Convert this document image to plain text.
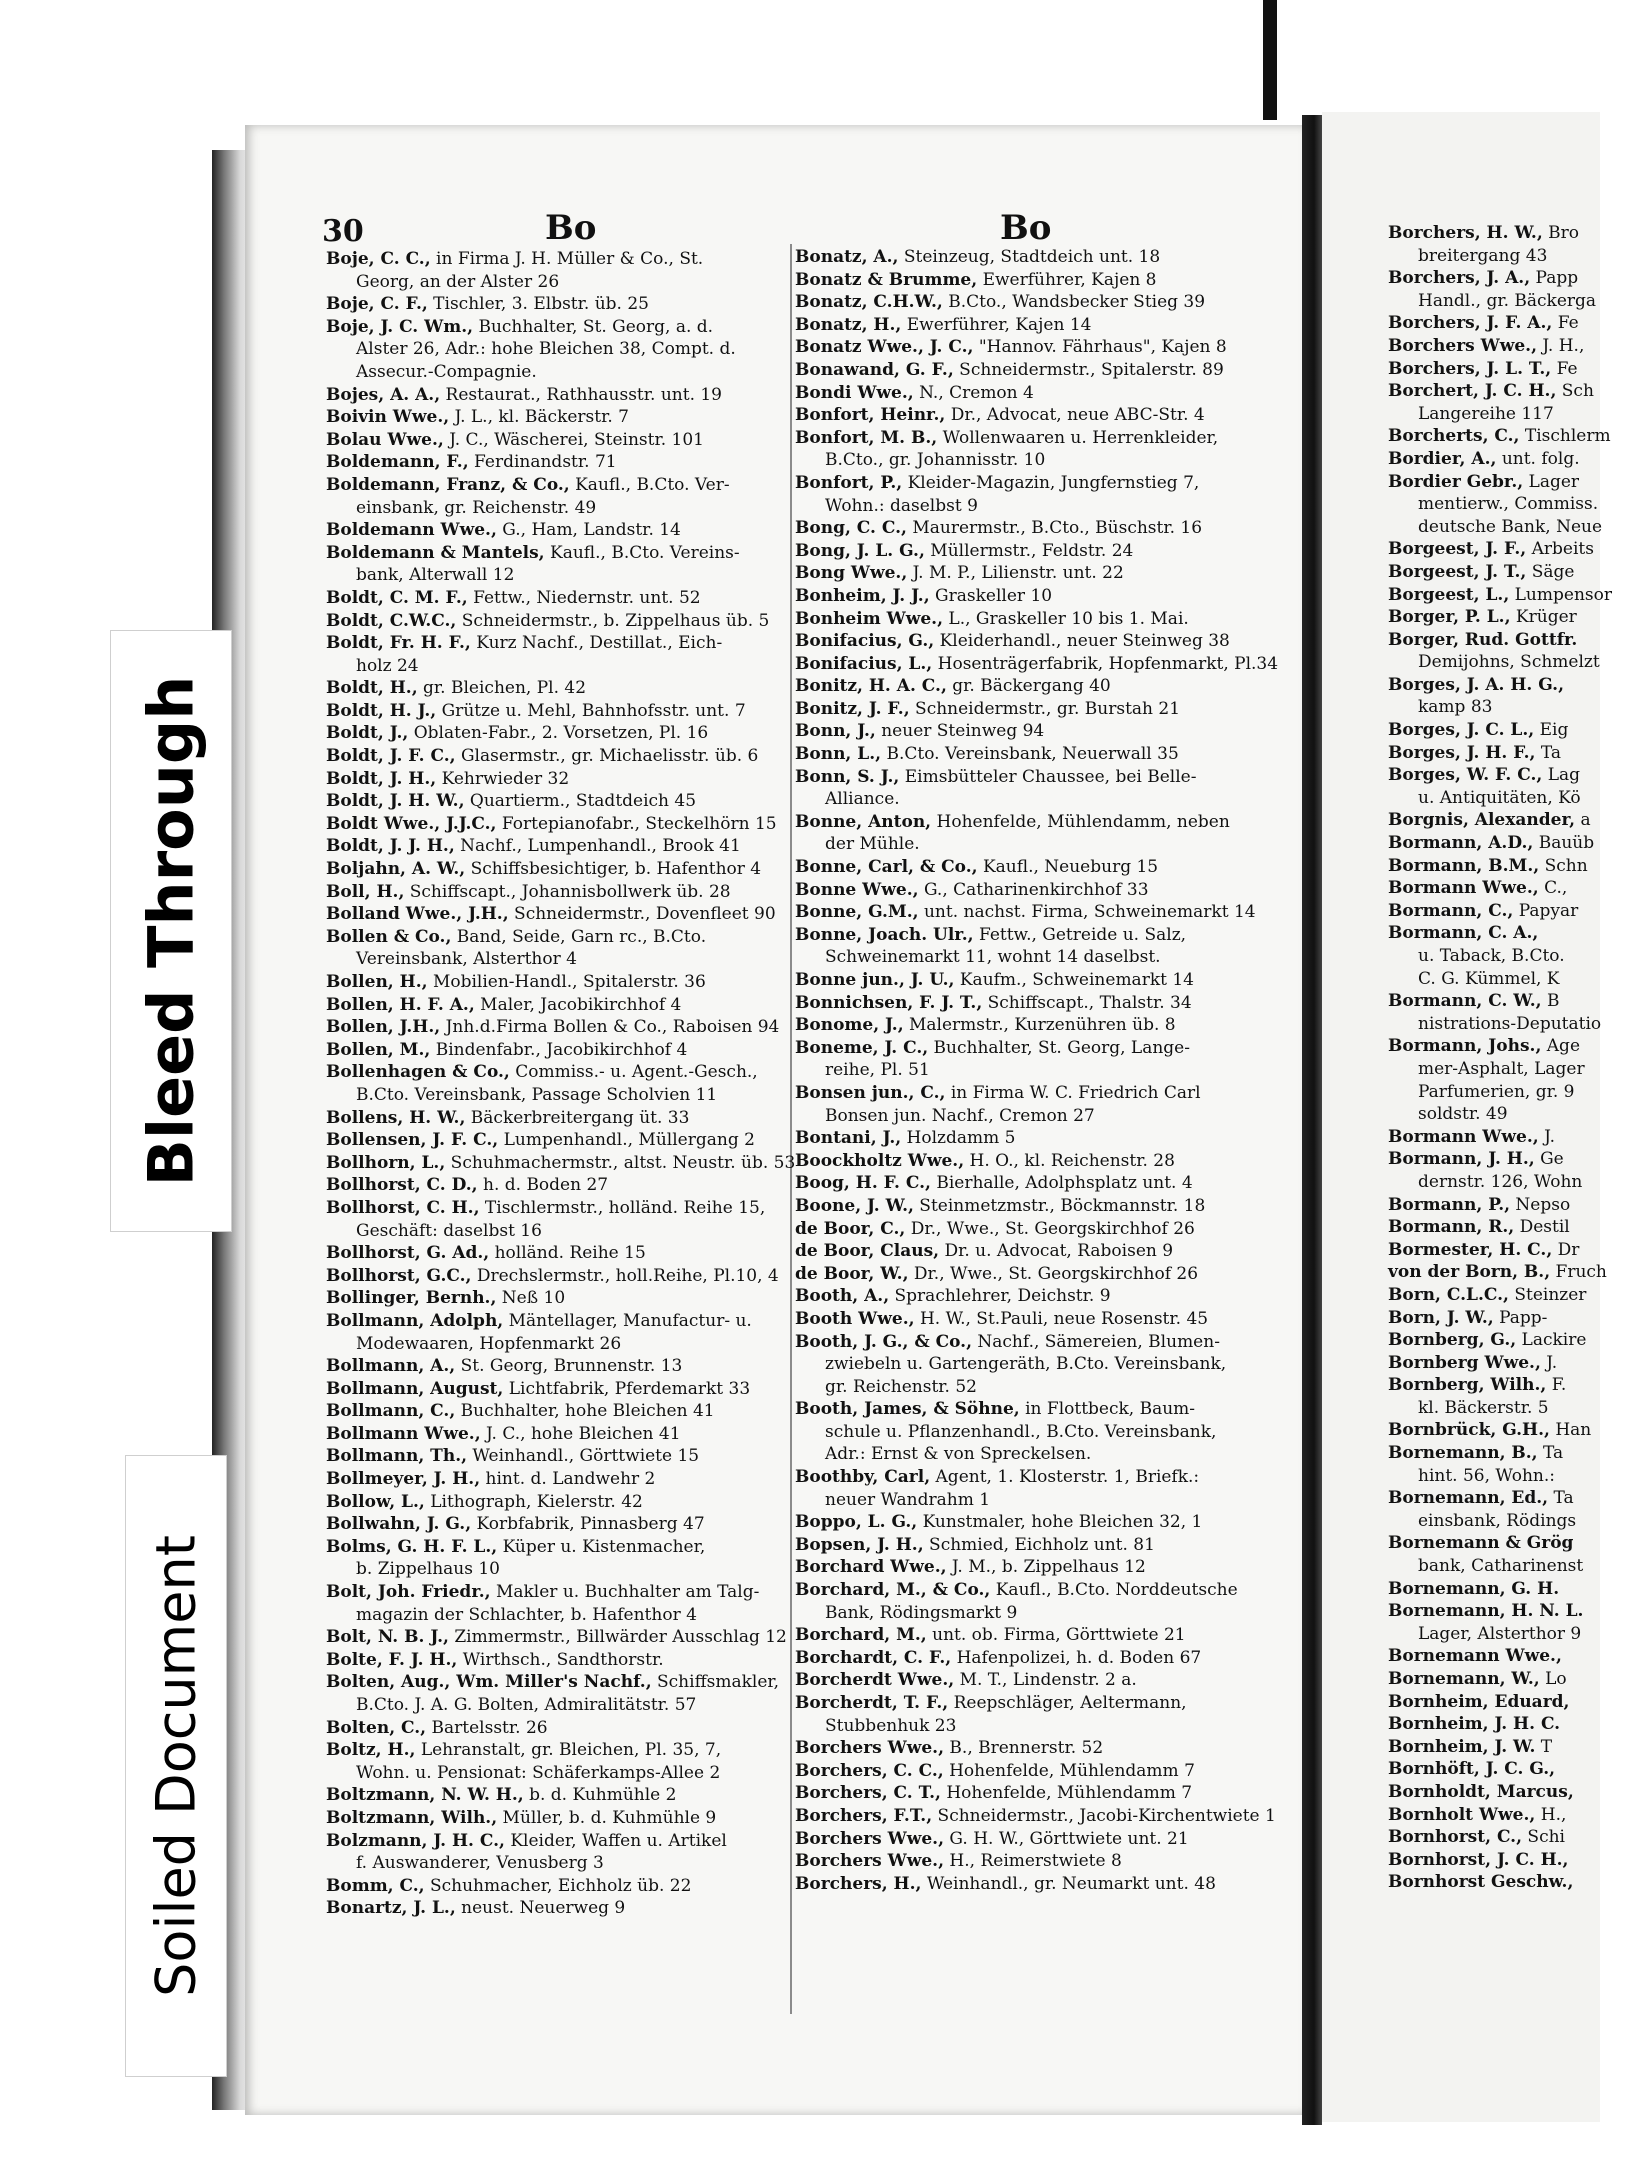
Bleed Through
Soiled Document
30	Bo	Bo
Boje, C. C., in Firma J. H. Müller & Co., St.
Georg, an der Alster 26
Boje, C. F., Tischler, 3. Elbstr. üb. 25
Boje, J. C. Wm., Buchhalter, St. Georg, a. d.
Alster 26, Adr.: hohe Bleichen 38, Compt. d.
Assecur.-Compagnie.
Bojes, A. A., Restaurat., Rathhausstr. unt. 19
Boivin Wwe., J. L., kl. Bäckerstr. 7
Bolau Wwe., J. C., Wäscherei, Steinstr. 101
Boldemann, F., Ferdinandstr. 71
Boldemann, Franz, & Co., Kaufl., B.Cto. Ver-
einsbank, gr. Reichenstr. 49
Boldemann Wwe., G., Ham, Landstr. 14
Boldemann & Mantels, Kaufl., B.Cto. Vereins-
bank, Alterwall 12
Boldt, C. M. F., Fettw., Niedernstr. unt. 52
Boldt, C.W.C., Schneidermstr., b. Zippelhaus üb. 5
Boldt, Fr. H. F., Kurz Nachf., Destillat., Eich-
holz 24
Boldt, H., gr. Bleichen, Pl. 42
Boldt, H. J., Grütze u. Mehl, Bahnhofsstr. unt. 7
Boldt, J., Oblaten-Fabr., 2. Vorsetzen, Pl. 16
Boldt, J. F. C., Glasermstr., gr. Michaelisstr. üb. 6
Boldt, J. H., Kehrwieder 32
Boldt, J. H. W., Quartierm., Stadtdeich 45
Boldt Wwe., J.J.C., Fortepianofabr., Steckelhörn 15
Boldt, J. J. H., Nachf., Lumpenhandl., Brook 41
Boljahn, A. W., Schiffsbesichtiger, b. Hafenthor 4
Boll, H., Schiffscapt., Johannisbollwerk üb. 28
Bolland Wwe., J.H., Schneidermstr., Dovenfleet 90
Bollen & Co., Band, Seide, Garn rc., B.Cto.
Vereinsbank, Alsterthor 4
Bollen, H., Mobilien-Handl., Spitalerstr. 36
Bollen, H. F. A., Maler, Jacobikirchhof 4
Bollen, J.H., Jnh.d.Firma Bollen & Co., Raboisen 94
Bollen, M., Bindenfabr., Jacobikirchhof 4
Bollenhagen & Co., Commiss.- u. Agent.-Gesch.,
B.Cto. Vereinsbank, Passage Scholvien 11
Bollens, H. W., Bäckerbreitergang üt. 33
Bollensen, J. F. C., Lumpenhandl., Müllergang 2
Bollhorn, L., Schuhmachermstr., altst. Neustr. üb. 53
Bollhorst, C. D., h. d. Boden 27
Bollhorst, C. H., Tischlermstr., holländ. Reihe 15,
Geschäft: daselbst 16
Bollhorst, G. Ad., holländ. Reihe 15
Bollhorst, G.C., Drechslermstr., holl.Reihe, Pl.10, 4
Bollinger, Bernh., Neß 10
Bollmann, Adolph, Mäntellager, Manufactur- u.
Modewaaren, Hopfenmarkt 26
Bollmann, A., St. Georg, Brunnenstr. 13
Bollmann, August, Lichtfabrik, Pferdemarkt 33
Bollmann, C., Buchhalter, hohe Bleichen 41
Bollmann Wwe., J. C., hohe Bleichen 41
Bollmann, Th., Weinhandl., Görttwiete 15
Bollmeyer, J. H., hint. d. Landwehr 2
Bollow, L., Lithograph, Kielerstr. 42
Bollwahn, J. G., Korbfabrik, Pinnasberg 47
Bolms, G. H. F. L., Küper u. Kistenmacher,
b. Zippelhaus 10
Bolt, Joh. Friedr., Makler u. Buchhalter am Talg-
magazin der Schlachter, b. Hafenthor 4
Bolt, N. B. J., Zimmermstr., Billwärder Ausschlag 12
Bolte, F. J. H., Wirthsch., Sandthorstr.
Bolten, Aug., Wm. Miller's Nachf., Schiffsmakler,
B.Cto. J. A. G. Bolten, Admiralitätstr. 57
Bolten, C., Bartelsstr. 26
Boltz, H., Lehranstalt, gr. Bleichen, Pl. 35, 7,
Wohn. u. Pensionat: Schäferkamps-Allee 2
Boltzmann, N. W. H., b. d. Kuhmühle 2
Boltzmann, Wilh., Müller, b. d. Kuhmühle 9
Bolzmann, J. H. C., Kleider, Waffen u. Artikel
f. Auswanderer, Venusberg 3
Bomm, C., Schuhmacher, Eichholz üb. 22
Bonartz, J. L., neust. Neuerweg 9
Bonatz, A., Steinzeug, Stadtdeich unt. 18
Bonatz & Brumme, Ewerführer, Kajen 8
Bonatz, C.H.W., B.Cto., Wandsbecker Stieg 39
Bonatz, H., Ewerführer, Kajen 14
Bonatz Wwe., J. C., "Hannov. Fährhaus", Kajen 8
Bonawand, G. F., Schneidermstr., Spitalerstr. 89
Bondi Wwe., N., Cremon 4
Bonfort, Heinr., Dr., Advocat, neue ABC-Str. 4
Bonfort, M. B., Wollenwaaren u. Herrenkleider,
B.Cto., gr. Johannisstr. 10
Bonfort, P., Kleider-Magazin, Jungfernstieg 7,
Wohn.: daselbst 9
Bong, C. C., Maurermstr., B.Cto., Büschstr. 16
Bong, J. L. G., Müllermstr., Feldstr. 24
Bong Wwe., J. M. P., Lilienstr. unt. 22
Bonheim, J. J., Graskeller 10
Bonheim Wwe., L., Graskeller 10 bis 1. Mai.
Bonifacius, G., Kleiderhandl., neuer Steinweg 38
Bonifacius, L., Hosenträgerfabrik, Hopfenmarkt, Pl.34
Bonitz, H. A. C., gr. Bäckergang 40
Bonitz, J. F., Schneidermstr., gr. Burstah 21
Bonn, J., neuer Steinweg 94
Bonn, L., B.Cto. Vereinsbank, Neuerwall 35
Bonn, S. J., Eimsbütteler Chaussee, bei Belle-
Alliance.
Bonne, Anton, Hohenfelde, Mühlendamm, neben
der Mühle.
Bonne, Carl, & Co., Kaufl., Neueburg 15
Bonne Wwe., G., Catharinenkirchhof 33
Bonne, G.M., unt. nachst. Firma, Schweinemarkt 14
Bonne, Joach. Ulr., Fettw., Getreide u. Salz,
Schweinemarkt 11, wohnt 14 daselbst.
Bonne jun., J. U., Kaufm., Schweinemarkt 14
Bonnichsen, F. J. T., Schiffscapt., Thalstr. 34
Bonome, J., Malermstr., Kurzenühren üb. 8
Boneme, J. C., Buchhalter, St. Georg, Lange-
reihe, Pl. 51
Bonsen jun., C., in Firma W. C. Friedrich Carl
Bonsen jun. Nachf., Cremon 27
Bontani, J., Holzdamm 5
Boockholtz Wwe., H. O., kl. Reichenstr. 28
Boog, H. F. C., Bierhalle, Adolphsplatz unt. 4
Boone, J. W., Steinmetzmstr., Böckmannstr. 18
de Boor, C., Dr., Wwe., St. Georgskirchhof 26
de Boor, Claus, Dr. u. Advocat, Raboisen 9
de Boor, W., Dr., Wwe., St. Georgskirchhof 26
Booth, A., Sprachlehrer, Deichstr. 9
Booth Wwe., H. W., St.Pauli, neue Rosenstr. 45
Booth, J. G., & Co., Nachf., Sämereien, Blumen-
zwiebeln u. Gartengeräth, B.Cto. Vereinsbank,
gr. Reichenstr. 52
Booth, James, & Söhne, in Flottbeck, Baum-
schule u. Pflanzenhandl., B.Cto. Vereinsbank,
Adr.: Ernst & von Spreckelsen.
Boothby, Carl, Agent, 1. Klosterstr. 1, Briefk.:
neuer Wandrahm 1
Boppo, L. G., Kunstmaler, hohe Bleichen 32, 1
Bopsen, J. H., Schmied, Eichholz unt. 81
Borchard Wwe., J. M., b. Zippelhaus 12
Borchard, M., & Co., Kaufl., B.Cto. Norddeutsche
Bank, Rödingsmarkt 9
Borchard, M., unt. ob. Firma, Görttwiete 21
Borchardt, C. F., Hafenpolizei, h. d. Boden 67
Borcherdt Wwe., M. T., Lindenstr. 2 a.
Borcherdt, T. F., Reepschläger, Aeltermann,
Stubbenhuk 23
Borchers Wwe., B., Brennerstr. 52
Borchers, C. C., Hohenfelde, Mühlendamm 7
Borchers, C. T., Hohenfelde, Mühlendamm 7
Borchers, F.T., Schneidermstr., Jacobi-Kirchentwiete 1
Borchers Wwe., G. H. W., Görttwiete unt. 21
Borchers Wwe., H., Reimerstwiete 8
Borchers, H., Weinhandl., gr. Neumarkt unt. 48
Borchers, H. W., Bro
breitergang 43
Borchers, J. A., Papp
Handl., gr. Bäckerga
Borchers, J. F. A., Fe
Borchers Wwe., J. H.,
Borchers, J. L. T., Fe
Borchert, J. C. H., Sch
Langereihe 117
Borcherts, C., Tischlerm
Bordier, A., unt. folg.
Bordier Gebr., Lager
mentierw., Commiss.
deutsche Bank, Neue
Borgeest, J. F., Arbeits
Borgeest, J. T., Säge
Borgeest, L., Lumpensor
Borger, P. L., Krüger
Borger, Rud. Gottfr.
Demijohns, Schmelzt
Borges, J. A. H. G.,
kamp 83
Borges, J. C. L., Eig
Borges, J. H. F., Ta
Borges, W. F. C., Lag
u. Antiquitäten, Kö
Borgnis, Alexander, a
Bormann, A.D., Bauüb
Bormann, B.M., Schn
Bormann Wwe., C.,
Bormann, C., Papyar
Bormann, C. A.,
u. Taback, B.Cto.
C. G. Kümmel, K
Bormann, C. W., B
nistrations-Deputatio
Bormann, Johs., Age
mer-Asphalt, Lager
Parfumerien, gr. 9
soldstr. 49
Bormann Wwe., J.
Bormann, J. H., Ge
dernstr. 126, Wohn
Bormann, P., Nepso
Bormann, R., Destil
Bormester, H. C., Dr
von der Born, B., Fruch
Born, C.L.C., Steinzer
Born, J. W., Papp-
Bornberg, G., Lackire
Bornberg Wwe., J.
Bornberg, Wilh., F.
kl. Bäckerstr. 5
Bornbrück, G.H., Han
Bornemann, B., Ta
hint. 56, Wohn.:
Bornemann, Ed., Ta
einsbank, Rödings
Bornemann & Grög
bank, Catharinenst
Bornemann, G. H.
Bornemann, H. N. L.
Lager, Alsterthor 9
Bornemann Wwe.,
Bornemann, W., Lo
Bornheim, Eduard,
Bornheim, J. H. C.
Bornheim, J. W. T
Bornhöft, J. C. G.,
Bornholdt, Marcus,
Bornholt Wwe., H.,
Bornhorst, C., Schi
Bornhorst, J. C. H.,
Bornhorst Geschw.,
